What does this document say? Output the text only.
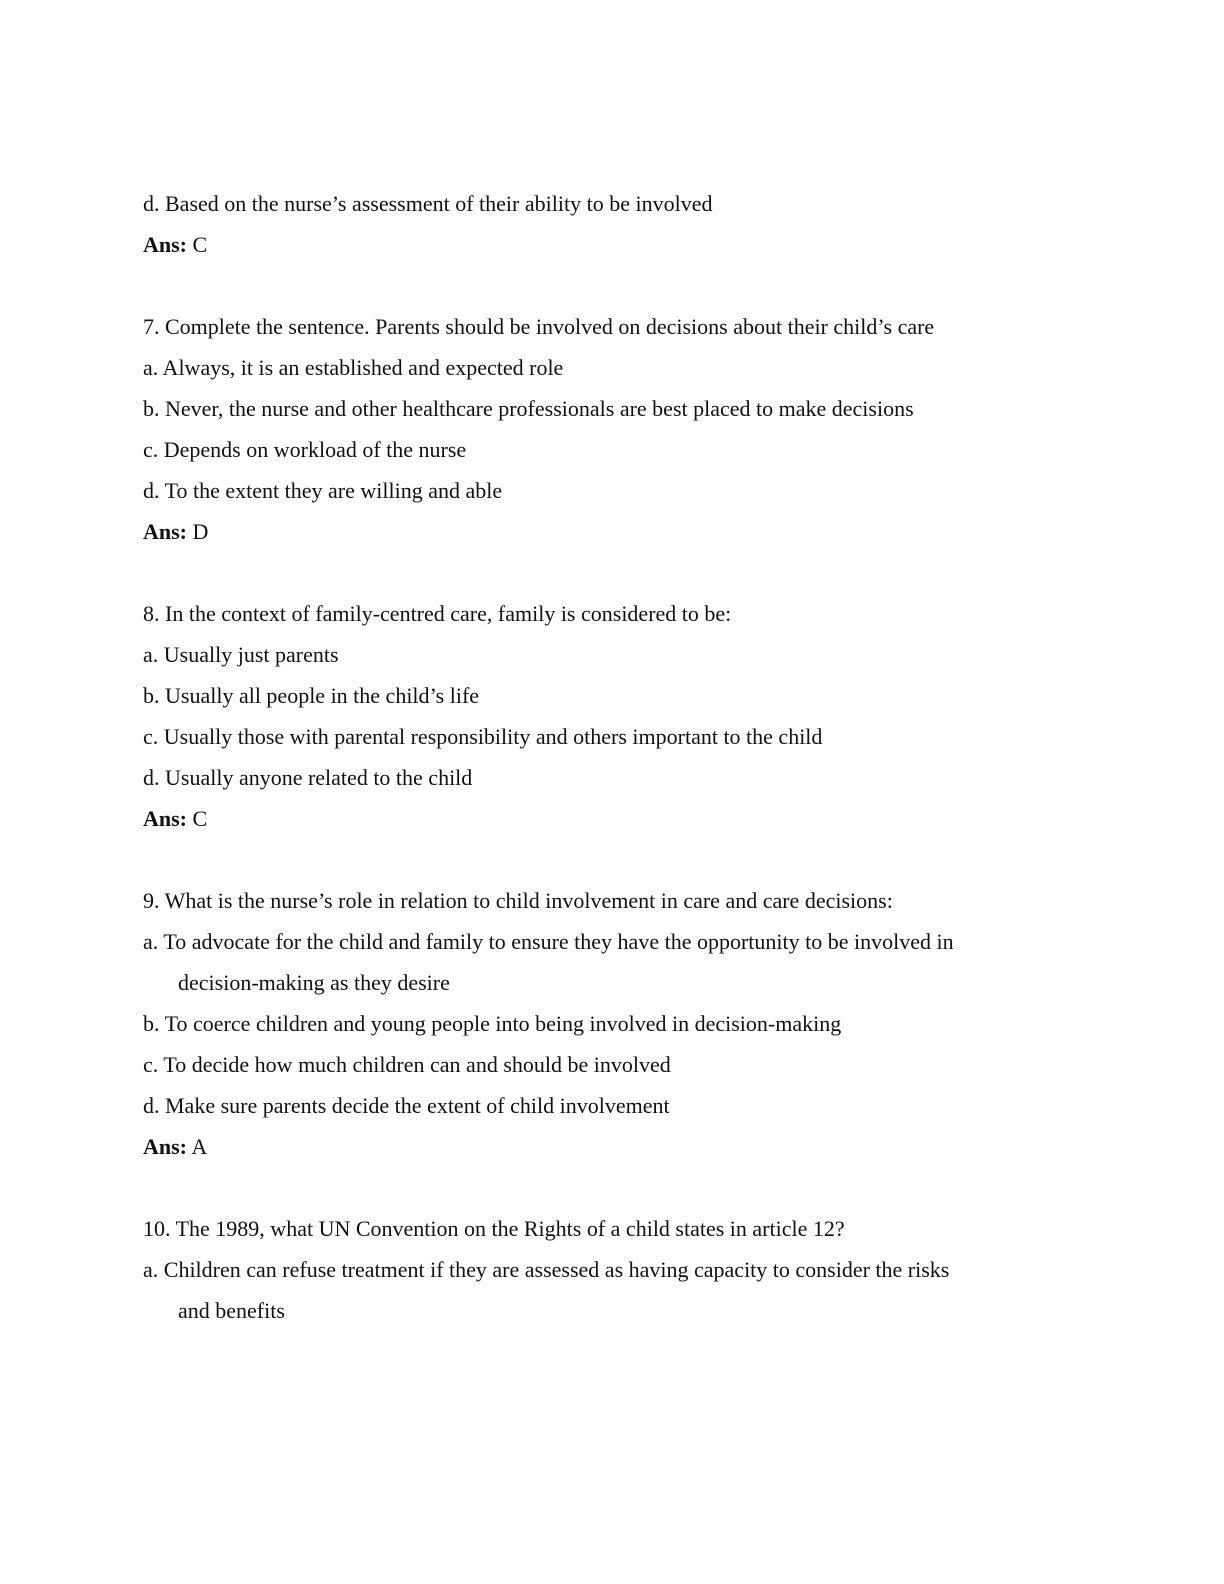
d. Based on the nurse’s assessment of their ability to be involved
Ans: C
7. Complete the sentence. Parents should be involved on decisions about their child’s care
a. Always, it is an established and expected role
b. Never, the nurse and other healthcare professionals are best placed to make decisions
c. Depends on workload of the nurse
d. To the extent they are willing and able
Ans: D
8. In the context of family-centred care, family is considered to be:
a. Usually just parents
b. Usually all people in the child’s life
c. Usually those with parental responsibility and others important to the child
d. Usually anyone related to the child
Ans: C
9. What is the nurse’s role in relation to child involvement in care and care decisions:
a. To advocate for the child and family to ensure they have the opportunity to be involved in
decision-making as they desire
b. To coerce children and young people into being involved in decision-making
c. To decide how much children can and should be involved
d. Make sure parents decide the extent of child involvement
Ans: A
10. The 1989, what UN Convention on the Rights of a child states in article 12?
a. Children can refuse treatment if they are assessed as having capacity to consider the risks
and benefits
